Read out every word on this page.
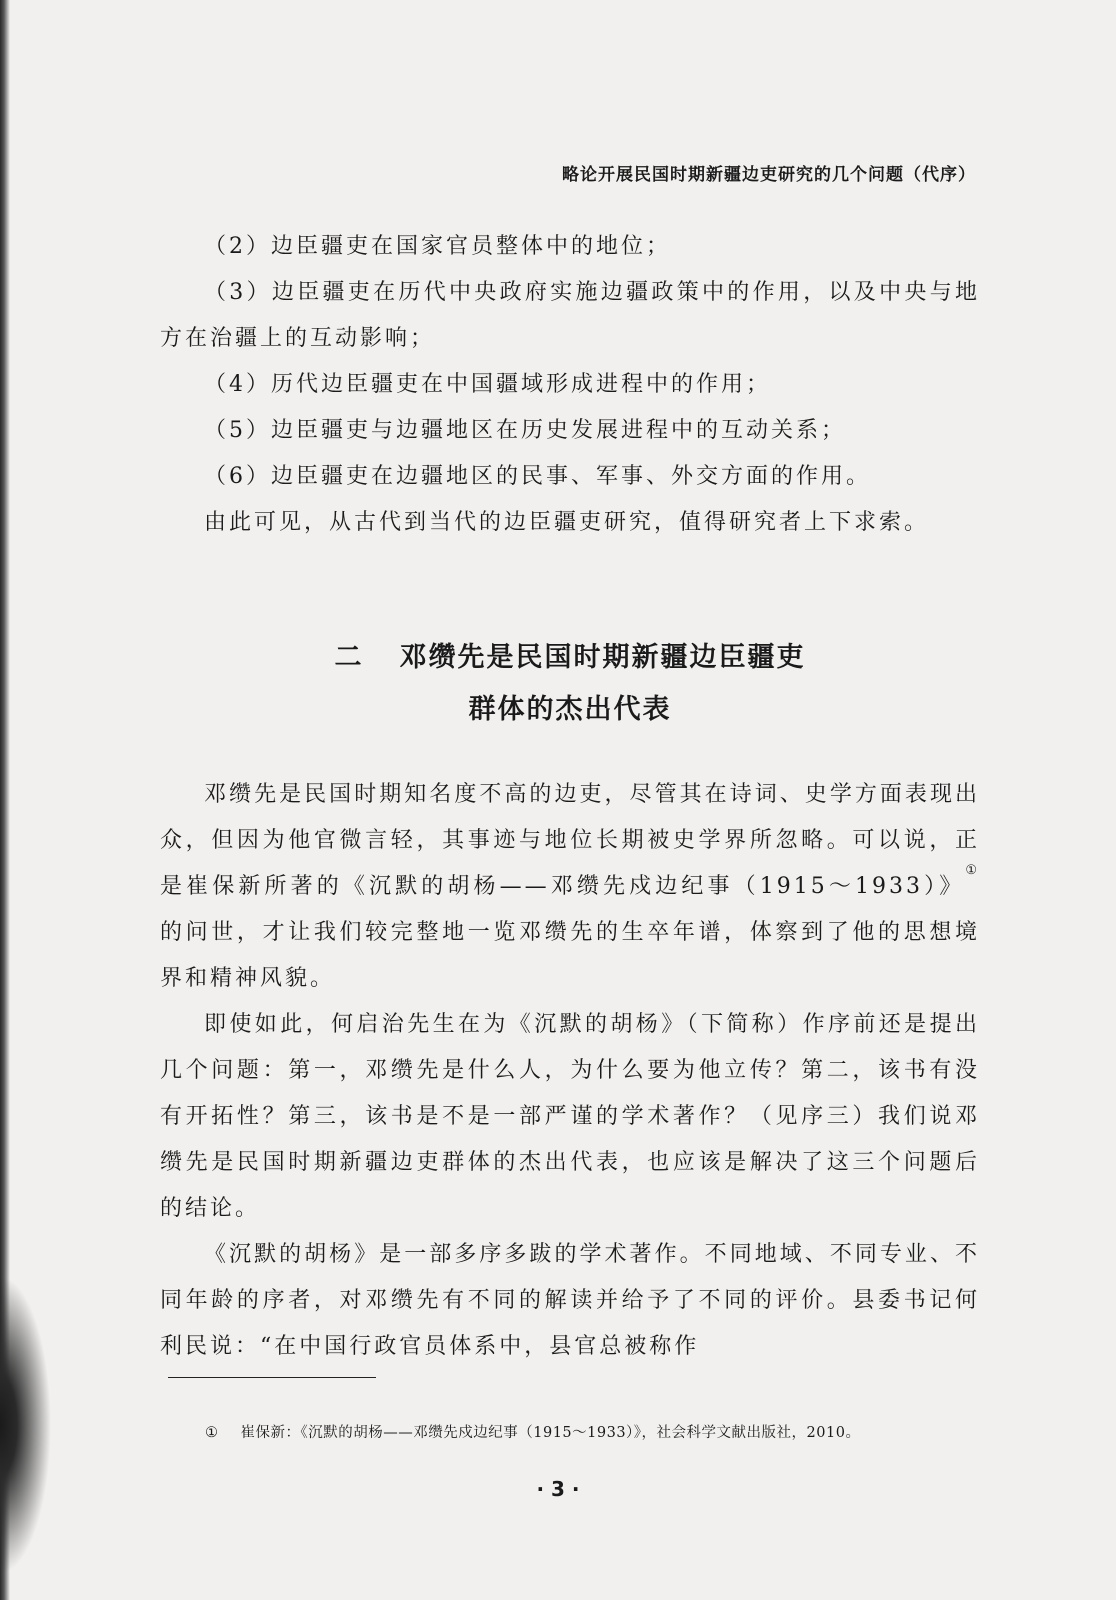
略论开展民国时期新疆边吏研究的几个问题（代序）

（2）边臣疆吏在国家官员整体中的地位；

（3）边臣疆吏在历代中央政府实施边疆政策中的作用，以及中央与地方在治疆上的互动影响；

（4）历代边臣疆吏在中国疆域形成进程中的作用；

（5）边臣疆吏与边疆地区在历史发展进程中的互动关系；

（6）边臣疆吏在边疆地区的民事、军事、外交方面的作用。

由此可见，从古代到当代的边臣疆吏研究，值得研究者上下求索。

二 邓缵先是民国时期新疆边臣疆吏
群体的杰出代表

邓缵先是民国时期知名度不高的边吏，尽管其在诗词、史学方面表现出众，但因为他官微言轻，其事迹与地位长期被史学界所忽略。可以说，正是崔保新所著的《沉默的胡杨——邓缵先戍边纪事（1915～1933）》① 的问世，才让我们较完整地一览邓缵先的生卒年谱，体察到了他的思想境界和精神风貌。

即使如此，何启治先生在为《沉默的胡杨》（下简称）作序前还是提出几个问题：第一，邓缵先是什么人，为什么要为他立传？第二，该书有没有开拓性？第三，该书是不是一部严谨的学术著作？（见序三）我们说邓缵先是民国时期新疆边吏群体的杰出代表，也应该是解决了这三个问题后的结论。

《沉默的胡杨》是一部多序多跋的学术著作。不同地域、不同专业、不同年龄的序者，对邓缵先有不同的解读并给予了不同的评价。县委书记何利民说：“在中国行政官员体系中，县官总被称作

① 崔保新：《沉默的胡杨——邓缵先戍边纪事（1915～1933）》，社会科学文献出版社，2010。
· 3 ·
